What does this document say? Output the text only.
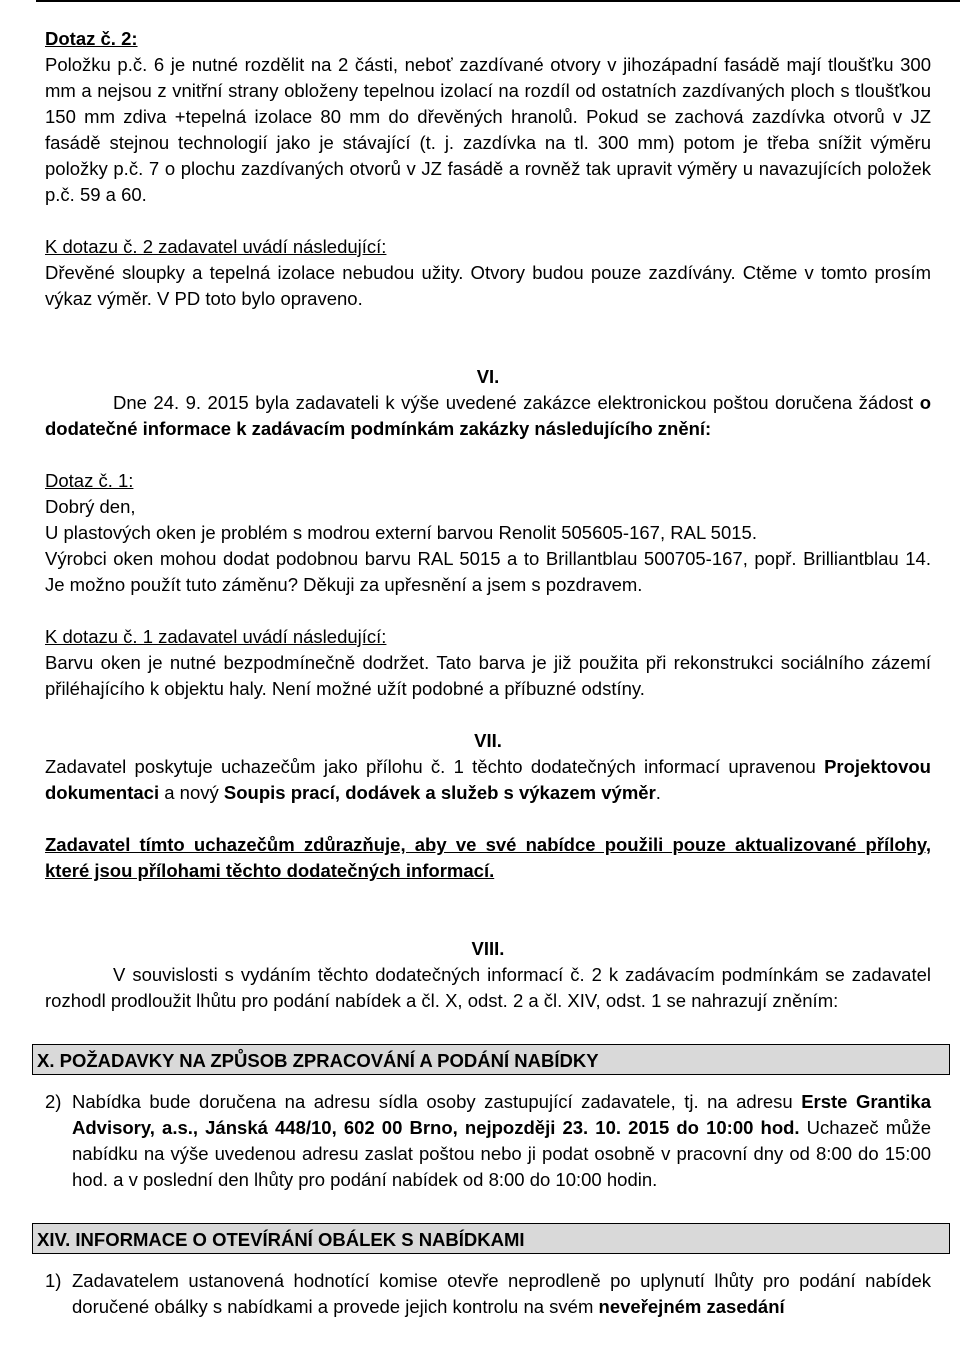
Dotaz č. 2:

Položku p.č. 6 je nutné rozdělit na 2 části, neboť zazdívané otvory v jihozápadní fasádě mají tloušťku 300 mm a nejsou z vnitřní strany obloženy tepelnou izolací na rozdíl od ostatních zazdívaných ploch s tloušťkou 150 mm zdiva +tepelná izolace 80 mm do dřevěných hranolů. Pokud se zachová zazdívka otvorů v JZ fasádě stejnou technologií jako je stávající (t. j. zazdívka na tl. 300 mm) potom je třeba snížit výměru položky p.č. 7 o plochu zazdívaných otvorů v JZ fasádě a rovněž tak upravit výměry u navazujících položek p.č. 59 a 60.

K dotazu č. 2 zadavatel uvádí následující:

Dřevěné sloupky a tepelná izolace nebudou užity. Otvory budou pouze zazdívány. Ctěme v tomto prosím výkaz výměr. V PD toto bylo opraveno.

VI.

Dne 24. 9. 2015 byla zadavateli k výše uvedené zakázce elektronickou poštou doručena žádost o dodatečné informace k zadávacím podmínkám zakázky následujícího znění:

Dotaz č. 1:

Dobrý den,

U plastových oken je problém s modrou externí barvou Renolit 505605-167, RAL 5015.

Výrobci oken mohou dodat podobnou barvu RAL 5015 a to Brillantblau 500705-167, popř. Brilliantblau 14. Je možno použít tuto záměnu? Děkuji za upřesnění a jsem s pozdravem.

K dotazu č. 1 zadavatel uvádí následující:

Barvu oken je nutné bezpodmínečně dodržet. Tato barva je již použita při rekonstrukci sociálního zázemí přiléhajícího k objektu haly. Není možné užít podobné a příbuzné odstíny.

VII.

Zadavatel poskytuje uchazečům jako přílohu č. 1 těchto dodatečných informací upravenou Projektovou dokumentaci a nový Soupis prací, dodávek a služeb s výkazem výměr.

Zadavatel tímto uchazečům zdůrazňuje, aby ve své nabídce použili pouze aktualizované přílohy, které jsou přílohami těchto dodatečných informací.

VIII.

V souvislosti s vydáním těchto dodatečných informací č. 2 k zadávacím podmínkám se zadavatel rozhodl prodloužit lhůtu pro podání nabídek a čl. X, odst. 2 a čl. XIV, odst. 1 se nahrazují zněním:

X. POŽADAVKY NA ZPŮSOB ZPRACOVÁNÍ A PODÁNÍ NABÍDKY
2) Nabídka bude doručena na adresu sídla osoby zastupující zadavatele, tj. na adresu Erste Grantika Advisory, a.s., Jánská 448/10, 602 00 Brno, nejpozději 23. 10. 2015 do 10:00 hod. Uchazeč může nabídku na výše uvedenou adresu zaslat poštou nebo ji podat osobně v pracovní dny od 8:00 do 15:00 hod. a v poslední den lhůty pro podání nabídek od 8:00 do 10:00 hodin.
XIV. INFORMACE O OTEVÍRÁNÍ OBÁLEK S NABÍDKAMI
1) Zadavatelem ustanovená hodnotící komise otevře neprodleně po uplynutí lhůty pro podání nabídek doručené obálky s nabídkami a provede jejich kontrolu na svém neveřejném zasedání
